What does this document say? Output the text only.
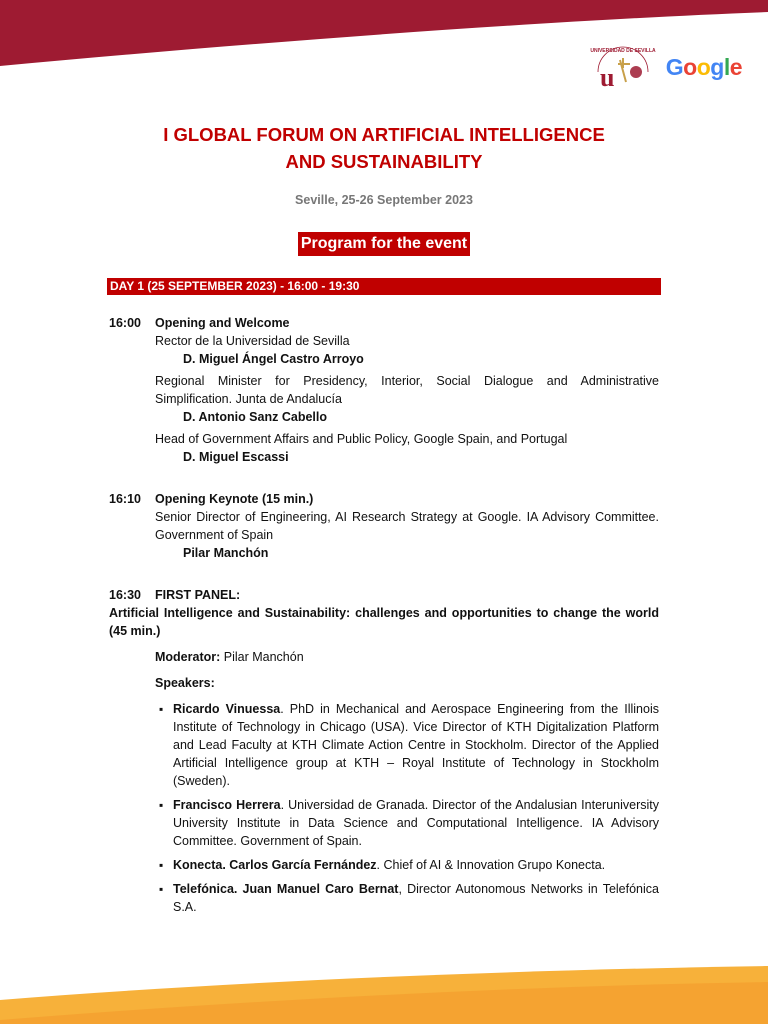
UNIVERSIDAD DE SEVILLA
u Google
I GLOBAL FORUM ON ARTIFICIAL INTELLIGENCE
AND SUSTAINABILITY
Seville, 25-26 September 2023
Program for the event
DAY 1 (25 SEPTEMBER 2023) - 16:00 - 19:30
16:00 Opening and Welcome
Rector de la Universidad de Sevilla
D. Miguel Ángel Castro Arroyo
Regional Minister for Presidency, Interior, Social Dialogue and Administrative Simplification. Junta de Andalucía
D. Antonio Sanz Cabello
Head of Government Affairs and Public Policy, Google Spain, and Portugal
D. Miguel Escassi
16:10 Opening Keynote (15 min.)
Senior Director of Engineering, AI Research Strategy at Google. IA Advisory Committee. Government of Spain
Pilar Manchón
16:30 FIRST PANEL:
Artificial Intelligence and Sustainability: challenges and opportunities to change the world (45 min.)
Moderator: Pilar Manchón
Speakers:
▪ Ricardo Vinuessa. PhD in Mechanical and Aerospace Engineering from the Illinois Institute of Technology in Chicago (USA). Vice Director of KTH Digitalization Platform and Lead Faculty at KTH Climate Action Centre in Stockholm. Director of the Applied Artificial Intelligence group at KTH – Royal Institute of Technology in Stockholm (Sweden).
▪ Francisco Herrera. Universidad de Granada. Director of the Andalusian Interuniversity University Institute in Data Science and Computational Intelligence. IA Advisory Committee. Government of Spain.
▪ Konecta. Carlos García Fernández. Chief of AI & Innovation Grupo Konecta.
▪ Telefónica. Juan Manuel Caro Bernat, Director Autonomous Networks in Telefónica S.A.
